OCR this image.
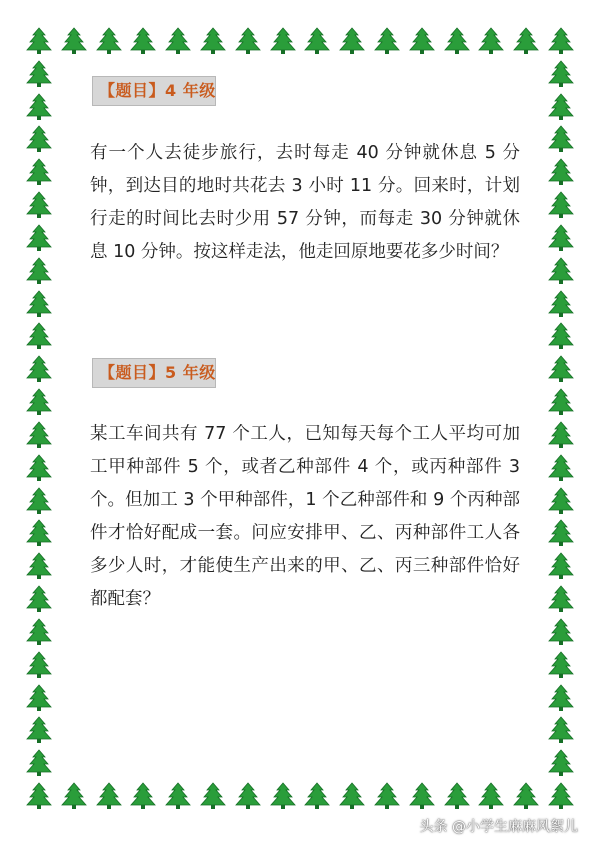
【题目】4 年级

有一个人去徒步旅行，去时每走 40 分钟就休息 5 分钟，到达目的地时共花去 3 小时 11 分。回来时，计划行走的时间比去时少用 57 分钟，而每走 30 分钟就休息 10 分钟。按这样走法，他走回原地要花多少时间？

【题目】5 年级

某工车间共有 77 个工人，已知每天每个工人平均可加工甲种部件 5 个，或者乙种部件 4 个，或丙种部件 3 个。但加工 3 个甲种部件，1 个乙种部件和 9 个丙种部件才恰好配成一套。问应安排甲、乙、丙种部件工人各多少人时，才能使生产出来的甲、乙、丙三种部件恰好都配套？

头条 @小学生麻麻风絮儿
